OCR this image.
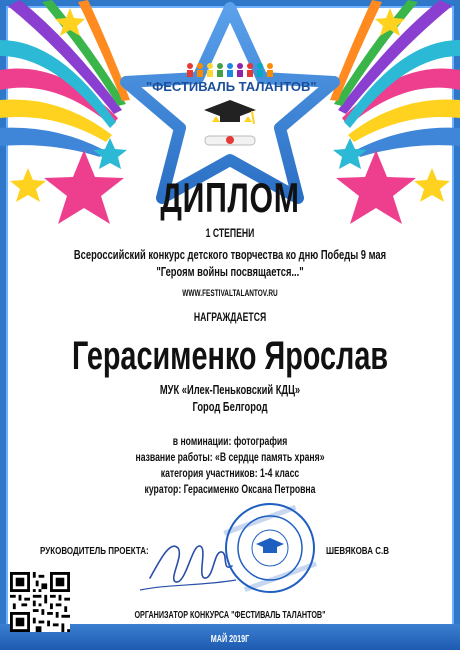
"ФЕСТИВАЛЬ ТАЛАНТОВ"
ДИПЛОМ
1 СТЕПЕНИ
Всероссийский конкурс детского творчества ко дню Победы 9 мая
"Героям войны посвящается..."
WWW.FESTIVALTALANTOV.RU
НАГРАЖДАЕТСЯ
Герасименко Ярослав
МУК «Илек-Пеньковский КДЦ»
Город Белгород
в номинации: фотография
название работы: «В сердце память храня»
категория участников: 1-4 класс
куратор: Герасименко Оксана Петровна
РУКОВОДИТЕЛЬ ПРОЕКТА:	ШЕВЯКОВА С.В
ОРГАНИЗАТОР КОНКУРСА "ФЕСТИВАЛЬ ТАЛАНТОВ"
МАЙ 2019Г
